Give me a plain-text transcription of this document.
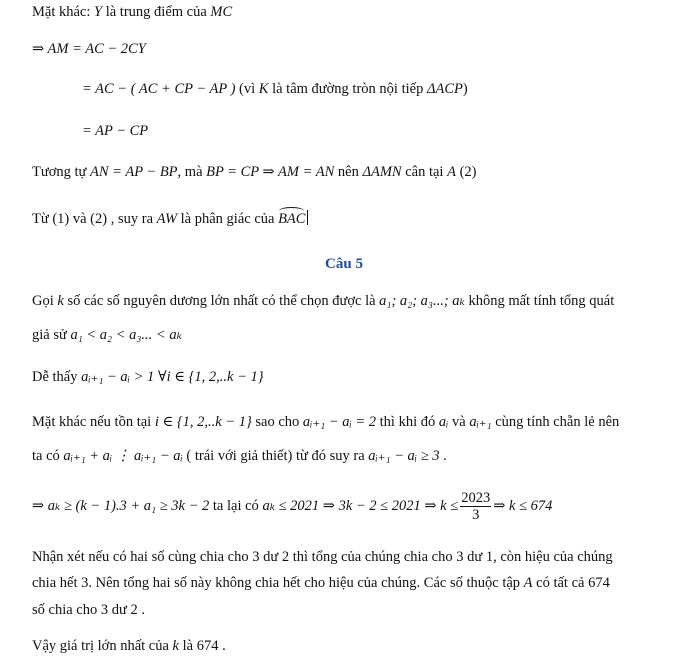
Mặt khác: Y là trung điểm của MC
⇒ AM = AC − 2CY
= AC − ( AC + CP − AP ) (vì K là tâm đường tròn nội tiếp ΔACP)
= AP − CP
Tương tự AN = AP − BP, mà BP = CP ⇒ AM = AN nên ΔAMN cân tại A (2)
Từ (1) và (2) , suy ra AW là phân giác của BAC
Câu 5
Gọi k số các số nguyên dương lớn nhất có thể chọn được là a₁; a₂; a₃...; aₖ không mất tính tổng quát
giả sử a₁ < a₂ < a₃... < aₖ
Dễ thấy aᵢ₊₁ − aᵢ > 1 ∀i ∈ {1, 2,..k − 1}
Mặt khác nếu tồn tại i ∈ {1, 2,..k − 1} sao cho aᵢ₊₁ − aᵢ = 2 thì khi đó aᵢ và aᵢ₊₁ cùng tính chẵn lẻ nên
ta có aᵢ₊₁ + aᵢ ⋮ aᵢ₊₁ − aᵢ ( trái với giả thiết) từ đó suy ra aᵢ₊₁ − aᵢ ≥ 3 .
⇒ aₖ ≥ (k − 1).3 + a₁ ≥ 3k − 2 ta lại có aₖ ≤ 2021 ⇒ 3k − 2 ≤ 2021 ⇒ $k \le \frac{2023}{3}$ ⇒ k ≤ 674
Nhận xét nếu có hai số cùng chia cho 3 dư 2 thì tổng của chúng chia cho 3 dư 1, còn hiệu của chúng
chia hết 3. Nên tổng hai số này không chia hết cho hiệu của chúng. Các số thuộc tập A có tất cả 674
số chia cho 3 dư 2 .
Vậy giá trị lớn nhất của k là 674 .
